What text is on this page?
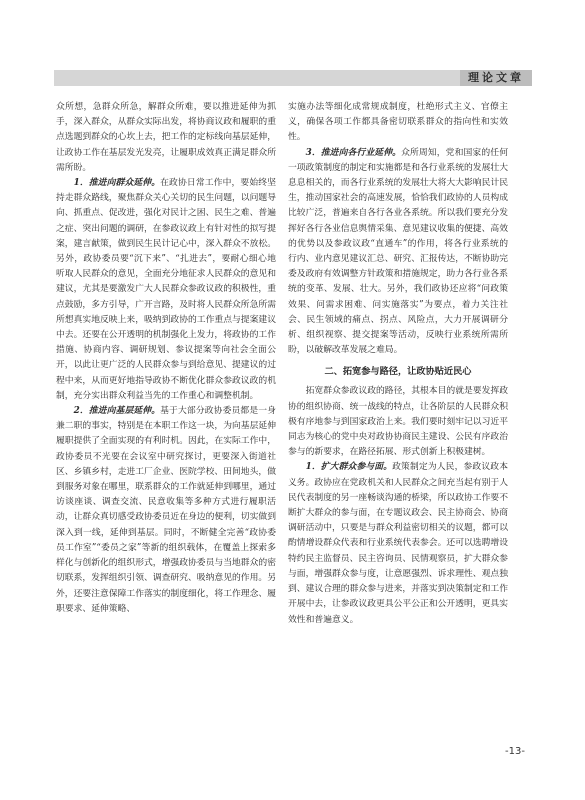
理论文章

众所想，急群众所急，解群众所难，要以推进延伸为抓手，深入群众，从群众实际出发，将协商议政和履职的重点选题到群众的心坎上去，把工作的定标线向基层延伸，让政协工作在基层发光发亮，让履职成效真正满足群众所需所盼。

1．推进向群众延伸。在政协日常工作中，要始终坚持走群众路线，聚焦群众关心关切的民生问题，以问题导向、抓重点、促改进，强化对民计之困、民生之难、普遍之症、突出问题的调研，在参政议政上有针对性的拟写提案，建言献策，做到民生民计记心中，深入群众不放松。另外，政协委员要“沉下来”、“扎进去”，要耐心细心地听取人民群众的意见，全面充分地征求人民群众的意见和建议，尤其是要激发广大人民群众参政议政的积极性，重点鼓励，多方引导，广开言路，及时将人民群众所急所需所想真实地反映上来，吸纳到政协的工作重点与提案建议中去。还要在公开透明的机制强化上发力，将政协的工作措施、协商内容、调研规划、参议提案等向社会全面公开，以此让更广泛的人民群众参与到给意见、提建议的过程中来，从而更好地指导政协不断优化群众参政议政的机制，充分实出群众利益当先的工作重心和调整机制。

2．推进向基层延伸。基于大部分政协委员都是一身兼二职的事实，特别是在本职工作这一块，为向基层延伸履职提供了全面实现的有利时机。因此，在实际工作中，政协委员不光要在会议室中研究探讨，更要深入街道社区、乡镇乡村，走进工厂企业、医院学校、田间地头，做到服务对象在哪里，联系群众的工作就延伸到哪里，通过访谈座谈、调查交流、民意收集等多种方式进行履职活动，让群众真切感受政协委员近在身边的便利，切实做到深入到一线，延伸到基层。同时，不断健全完善“政协委员工作室”“委员之家”等新的组织载体，在覆盖上探索多样化与创新化的组织形式，增强政协委员与当地群众的密切联系，发挥组织引领、调查研究、吸纳意见的作用。另外，还要注意保障工作落实的制度细化，将工作理念、履职要求、延伸策略、

实施办法等细化成常规成制度，杜绝形式主义、官僚主义，确保各项工作都具备密切联系群众的指向性和实效性。

3．推进向各行业延伸。众所周知，党和国家的任何一项政策制度的制定和实施都是和各行业系统的发展壮大息息相关的，而各行业系统的发展壮大将大大影响民计民生，推动国家社会的高速发展，恰恰我们政协的人员构成比较广泛，普遍来自各行各业各系统。所以我们要充分发挥好各行各业信息舆情采集、意见建议收集的便捷、高效的优势以及参政议政“直通车”的作用，将各行业系统的行内、业内意见建议汇总、研究、汇报传达，不断协助完委及政府有效调整方针政策和措施规定，助力各行业各系统的变革、发展、壮大。另外，我们政协还应将“问政策效果、问需求困难、问实施落实”为要点，着力关注社会、民生领域的痛点、拐点、风险点，大力开展调研分析、组织视察、提交提案等活动，反映行业系统所需所盼，以破解改革发展之难局。

二、拓宽参与路径，让政协贴近民心

拓宽群众参政议政的路径，其根本目的就是要发挥政协的组织协商、统一战线的特点，让各阶层的人民群众积极有序地参与到国家政治上来。我们要时刻牢记以习近平同志为核心的党中央对政协协商民主建设、公民有序政治参与的新要求，在路径拓展、形式创新上积极建树。

1．扩大群众参与面。政策制定为人民，参政议政本义务。政协应在党政机关和人民群众之间充当起有别于人民代表制度的另一座畅谈沟通的桥梁，所以政协工作要不断扩大群众的参与面，在专题议政会、民主协商会、协商调研活动中，只要是与群众利益密切相关的议题，都可以酌情增设群众代表和行业系统代表参会。还可以选聘增设特约民主监督员、民主咨询员、民情观察员，扩大群众参与面，增强群众参与度，让意愿强烈、诉求理性、观点独到、建议合理的群众参与进来，并落实到决策制定和工作开展中去，让参政议政更具公平公正和公开透明，更具实效性和普遍意义。

-13-
